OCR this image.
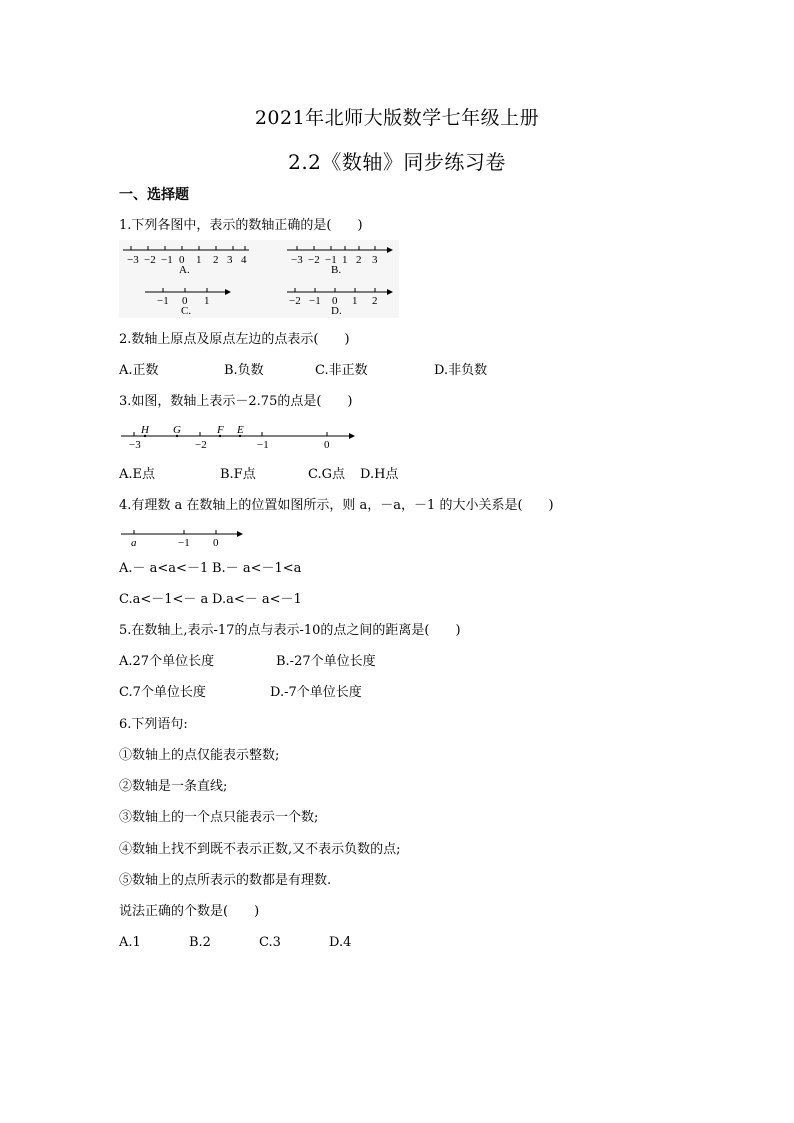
2021年北师大版数学七年级上册
2.2《数轴》同步练习卷
一、选择题
1.下列各图中，表示的数轴正确的是(　　)
−3 −2 −1 0 1 2 3 4
A.
−3 −2 −1 1 2 3
B.
−1 0 1
C.
−2 −1 0 1 2
D.
2.数轴上原点及原点左边的点表示(　　)
A.正数	B.负数	C.非正数	D.非负数
3.如图，数轴上表示－2.75的点是(　　)
H G	F E
−3	−2	−1	0
A.E点	B.F点	C.G点 D.H点
4.有理数 a 在数轴上的位置如图所示，则 a，－a，－1 的大小关系是(　　)
a	−1 0
A.－ a<a<－1 B.－ a<－1<a
C.a<－1<－ a D.a<－ a<－1
5.在数轴上,表示-17的点与表示-10的点之间的距离是(　　)
A.27个单位长度	B.-27个单位长度
C.7个单位长度	D.-7个单位长度
6.下列语句:
①数轴上的点仅能表示整数;
②数轴是一条直线;
③数轴上的一个点只能表示一个数;
④数轴上找不到既不表示正数,又不表示负数的点;
⑤数轴上的点所表示的数都是有理数.
说法正确的个数是(　　)
A.1	B.2	C.3	D.4
